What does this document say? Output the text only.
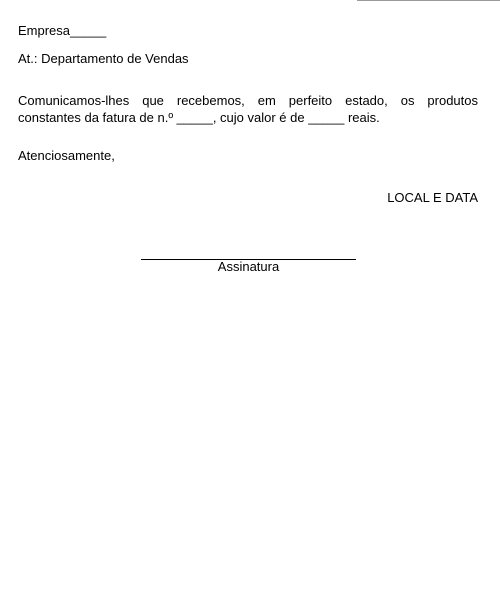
Empresa_____

At.: Departamento de Vendas

Comunicamos-lhes que recebemos, em perfeito estado, os produtos constantes da fatura de n.º _____, cujo valor é de _____ reais.

Atenciosamente,

LOCAL E DATA

Assinatura
